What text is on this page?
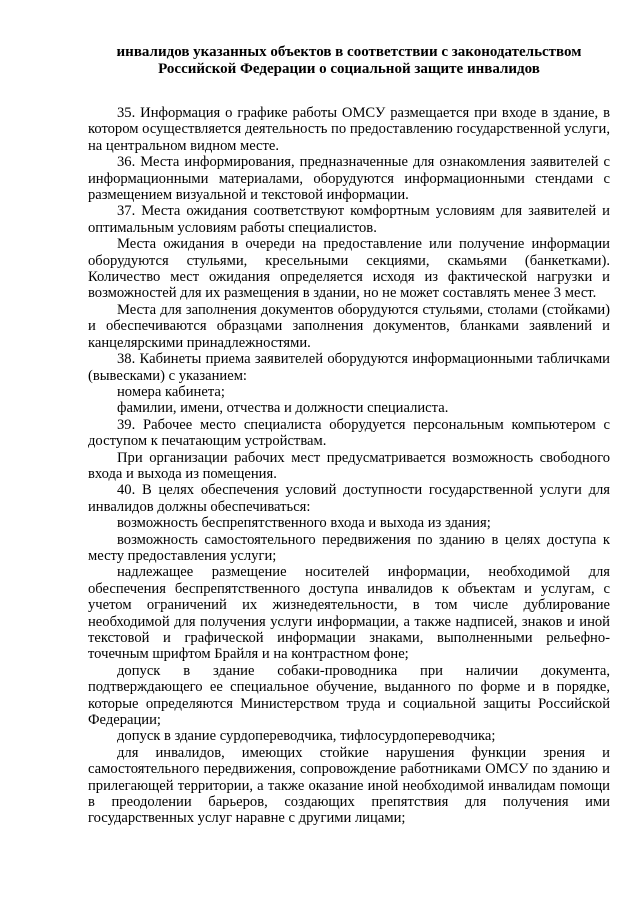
инвалидов указанных объектов в соответствии с законодательством
Российской Федерации о социальной защите инвалидов

35. Информация о графике работы ОМСУ размещается при входе в здание, в котором осуществляется деятельность по предоставлению государственной услуги, на центральном видном месте.

36. Места информирования, предназначенные для ознакомления заявителей с информационными материалами, оборудуются информационными стендами с размещением визуальной и текстовой информации.

37. Места ожидания соответствуют комфортным условиям для заявителей и оптимальным условиям работы специалистов.

Места ожидания в очереди на предоставление или получение информации оборудуются стульями, кресельными секциями, скамьями (банкетками). Количество мест ожидания определяется исходя из фактической нагрузки и возможностей для их размещения в здании, но не может составлять менее 3 мест.

Места для заполнения документов оборудуются стульями, столами (стойками) и обеспечиваются образцами заполнения документов, бланками заявлений и канцелярскими принадлежностями.

38. Кабинеты приема заявителей оборудуются информационными табличками (вывесками) с указанием:

номера кабинета;

фамилии, имени, отчества и должности специалиста.

39. Рабочее место специалиста оборудуется персональным компьютером с доступом к печатающим устройствам.

При организации рабочих мест предусматривается возможность свободного входа и выхода из помещения.

40. В целях обеспечения условий доступности государственной услуги для инвалидов должны обеспечиваться:

возможность беспрепятственного входа и выхода из здания;

возможность самостоятельного передвижения по зданию в целях доступа к месту предоставления услуги;

надлежащее размещение носителей информации, необходимой для обеспечения беспрепятственного доступа инвалидов к объектам и услугам, с учетом ограничений их жизнедеятельности, в том числе дублирование необходимой для получения услуги информации, а также надписей, знаков и иной текстовой и графической информации знаками, выполненными рельефно-точечным шрифтом Брайля и на контрастном фоне;

допуск в здание собаки-проводника при наличии документа, подтверждающего ее специальное обучение, выданного по форме и в порядке, которые определяются Министерством труда и социальной защиты Российской Федерации;

допуск в здание сурдопереводчика, тифлосурдопереводчика;

для инвалидов, имеющих стойкие нарушения функции зрения и самостоятельного передвижения, сопровождение работниками ОМСУ по зданию и прилегающей территории, а также оказание иной необходимой инвалидам помощи в преодолении барьеров, создающих препятствия для получения ими государственных услуг наравне с другими лицами;
